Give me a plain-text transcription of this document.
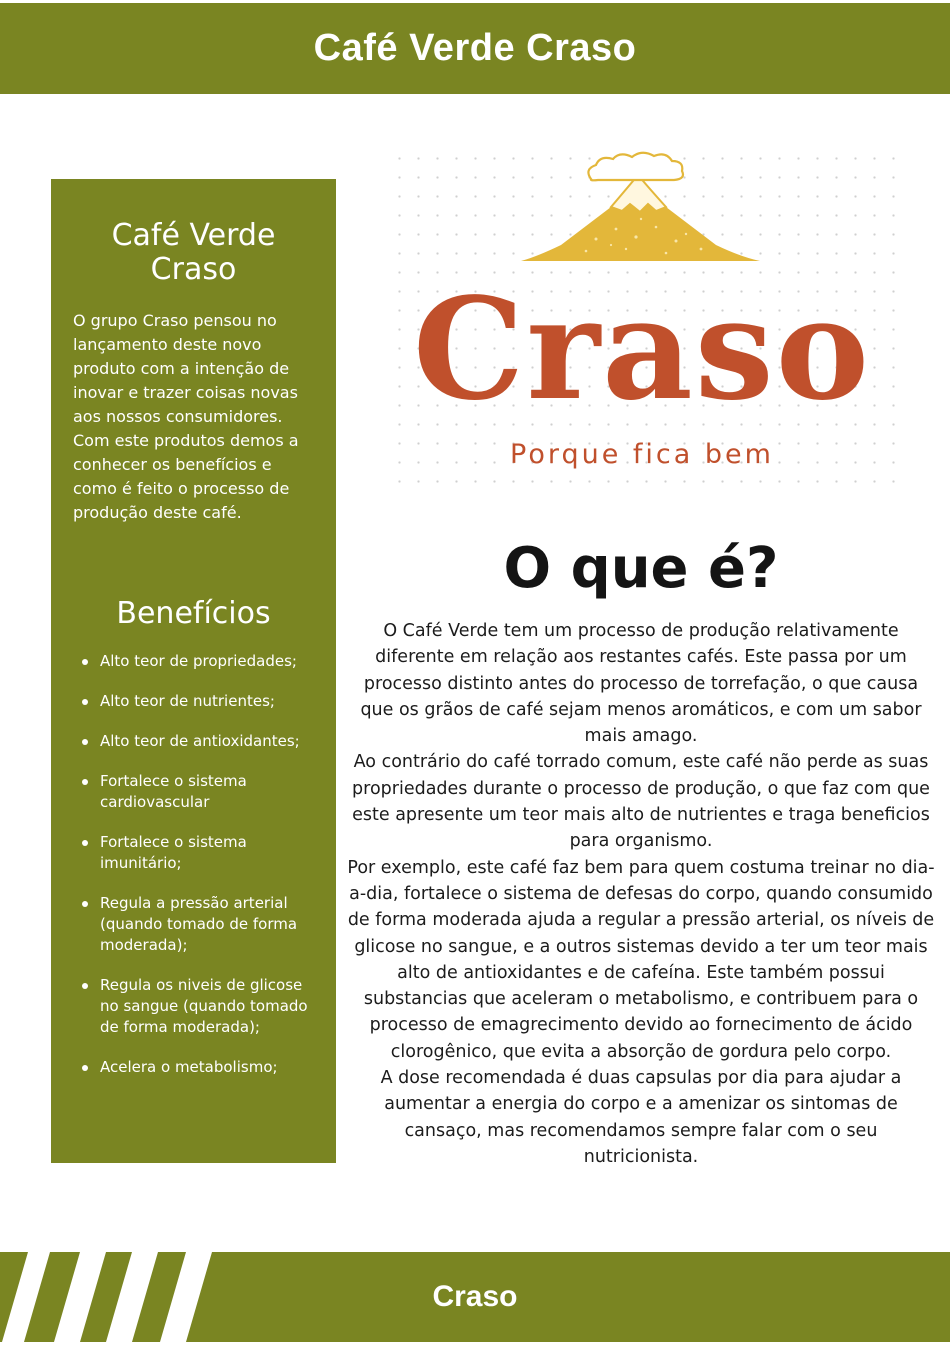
Café Verde Craso
Café Verde Craso

O grupo Craso pensou no lançamento deste novo produto com a intenção de inovar e trazer coisas novas aos nossos consumidores.
Com este produtos demos a conhecer os benefícios e como é feito o processo de produção deste café.

Benefícios
Alto teor de propriedades;
Alto teor de nutrientes;
Alto teor de antioxidantes;
Fortalece o sistema cardiovascular
Fortalece o sistema imunitário;
Regula a pressão arterial (quando tomado de forma moderada);
Regula os niveis de glicose no sangue (quando tomado de forma moderada);
Acelera o metabolismo;
Craso
Porque fica bem
O que é?

O Café Verde tem um processo de produção relativamente diferente em relação aos restantes cafés. Este passa por um processo distinto antes do processo de torrefação, o que causa que os grãos de café sejam menos aromáticos, e com um sabor mais amago.
Ao contrário do café torrado comum, este café não perde as suas propriedades durante o processo de produção, o que faz com que este apresente um teor mais alto de nutrientes e traga beneficios para organismo.
Por exemplo, este café faz bem para quem costuma treinar no dia-a-dia, fortalece o sistema de defesas do corpo, quando consumido de forma moderada ajuda a regular a pressão arterial, os níveis de glicose no sangue, e a outros sistemas devido a ter um teor mais alto de antioxidantes e de cafeína. Este também possui substancias que aceleram o metabolismo, e contribuem para o processo de emagrecimento devido ao fornecimento de ácido clorogênico, que evita a absorção de gordura pelo corpo.
A dose recomendada é duas capsulas por dia para ajudar a aumentar a energia do corpo e a amenizar os sintomas de cansaço, mas recomendamos sempre falar com o seu nutricionista.

Craso
